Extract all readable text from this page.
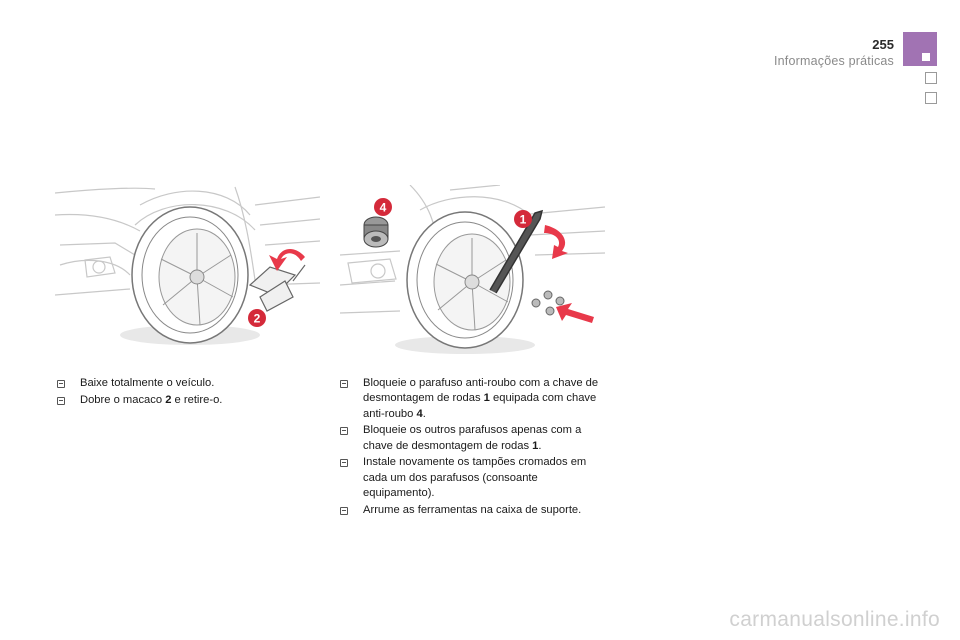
255
Informações práticas
2
4
1
Baixe totalmente o veículo.
Dobre o macaco 2 e retire-o.
Bloqueie o parafuso anti-roubo com a chave de desmontagem de rodas 1 equipada com chave anti-roubo 4.
Bloqueie os outros parafusos apenas com a chave de desmontagem de rodas 1.
Instale novamente os tampões cromados em cada um dos parafusos (consoante equipamento).
Arrume as ferramentas na caixa de suporte.
carmanualsonline.info
